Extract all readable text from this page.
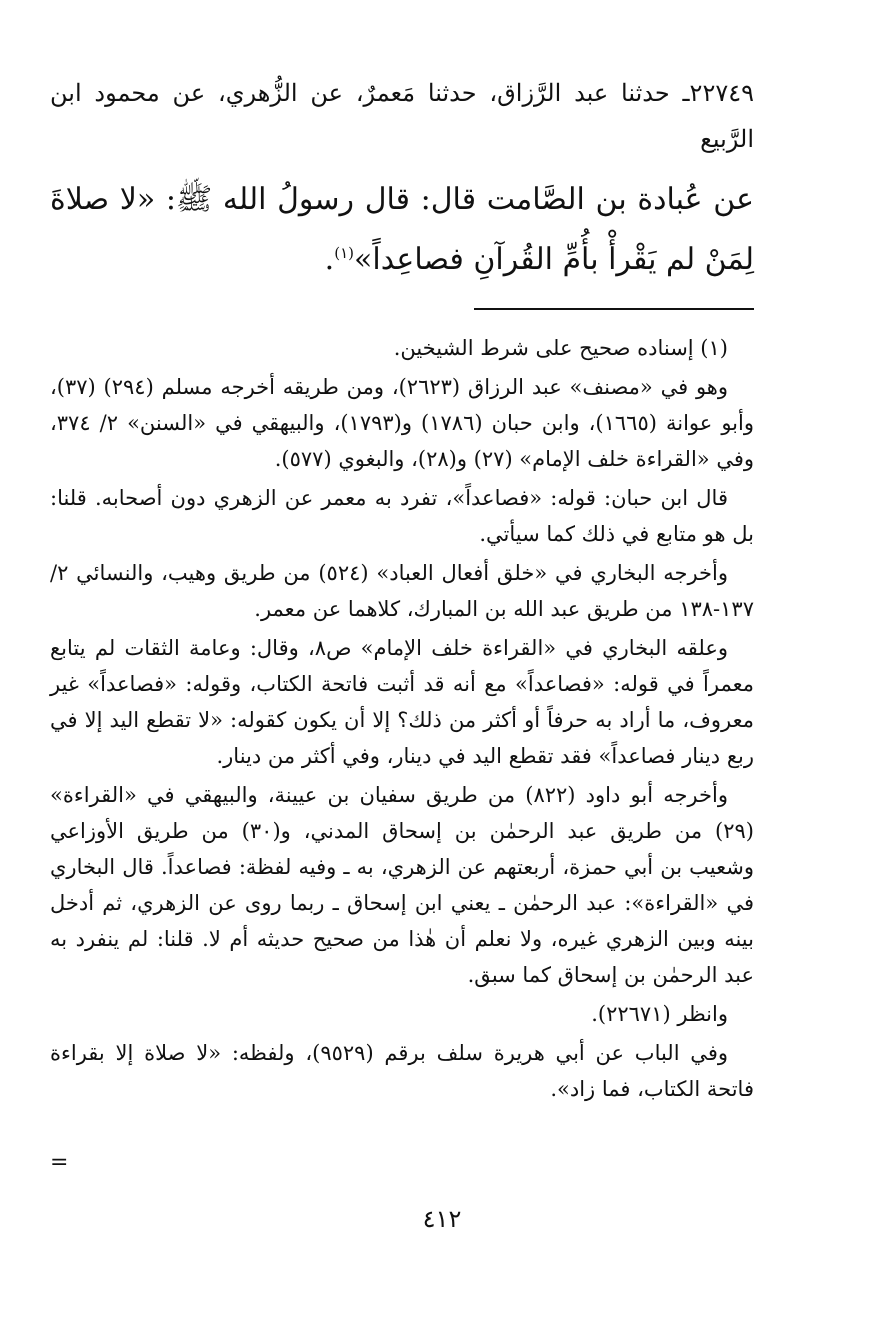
٢٢٧٤٩ـ حدثنا عبد الرَّزاق، حدثنا مَعمرٌ، عن الزُّهري، عن محمود ابن الرَّبيع
عن عُبادة بن الصَّامت قال: قال رسولُ الله ﷺ: «لا صلاةَ لِمَنْ لم يَقْرأْ بأُمِّ القُرآنِ فصاعِداً»$^{(١)}$.

(١) إسناده صحيح على شرط الشيخين.

وهو في «مصنف» عبد الرزاق (٢٦٢٣)، ومن طريقه أخرجه مسلم (٢٩٤) (٣٧)، وأبو عوانة (١٦٦٥)، وابن حبان (١٧٨٦) و(١٧٩٣)، والبيهقي في «السنن» ٢/ ٣٧٤، وفي «القراءة خلف الإمام» (٢٧) و(٢٨)، والبغوي (٥٧٧).

قال ابن حبان: قوله: «فصاعداً»، تفرد به معمر عن الزهري دون أصحابه. قلنا: بل هو متابع في ذلك كما سيأتي.

وأخرجه البخاري في «خلق أفعال العباد» (٥٢٤) من طريق وهيب، والنسائي ٢/ ١٣٧-١٣٨ من طريق عبد الله بن المبارك، كلاهما عن معمر.

وعلقه البخاري في «القراءة خلف الإمام» ص٨، وقال: وعامة الثقات لم يتابع معمراً في قوله: «فصاعداً» مع أنه قد أثبت فاتحة الكتاب، وقوله: «فصاعداً» غير معروف، ما أراد به حرفاً أو أكثر من ذلك؟ إلا أن يكون كقوله: «لا تقطع اليد إلا في ربع دينار فصاعداً» فقد تقطع اليد في دينار، وفي أكثر من دينار.

وأخرجه أبو داود (٨٢٢) من طريق سفيان بن عيينة، والبيهقي في «القراءة» (٢٩) من طريق عبد الرحمٰن بن إسحاق المدني، و(٣٠) من طريق الأوزاعي وشعيب بن أبي حمزة، أربعتهم عن الزهري، به ـ وفيه لفظة: فصاعداً. قال البخاري في «القراءة»: عبد الرحمٰن ـ يعني ابن إسحاق ـ ربما روى عن الزهري، ثم أدخل بينه وبين الزهري غيره، ولا نعلم أن هٰذا من صحيح حديثه أم لا. قلنا: لم ينفرد به عبد الرحمٰن بن إسحاق كما سبق.

وانظر (٢٢٦٧١).

وفي الباب عن أبي هريرة سلف برقم (٩٥٢٩)، ولفظه: «لا صلاة إلا بقراءة فاتحة الكتاب، فما زاد».

=
٤١٢
